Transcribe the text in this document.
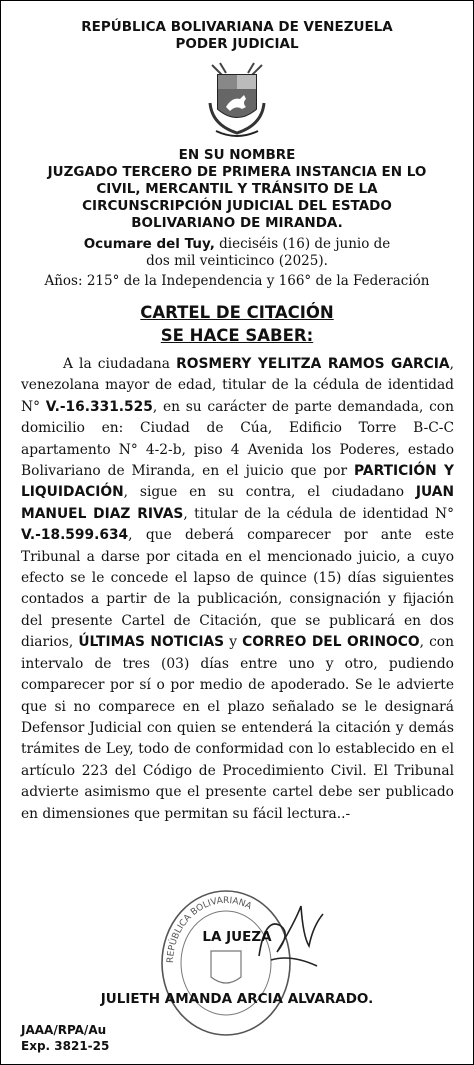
REPÚBLICA BOLIVARIANA DE VENEZUELA
PODER JUDICIAL
EN SU NOMBRE
JUZGADO TERCERO DE PRIMERA INSTANCIA EN LO
CIVIL, MERCANTIL Y TRÁNSITO DE LA
CIRCUNSCRIPCIÓN JUDICIAL DEL ESTADO
BOLIVARIANO DE MIRANDA.
Ocumare del Tuy, dieciséis (16) de junio de
dos mil veinticinco (2025).
Años: 215° de la Independencia y 166° de la Federación
CARTEL DE CITACIÓN
SE HACE SABER:

A la ciudadana ROSMERY YELITZA RAMOS GARCIA, venezolana mayor de edad, titular de la cédula de identidad N° V.-16.331.525, en su carácter de parte demandada, con domicilio en: Ciudad de Cúa, Edificio Torre B-C-C apartamento N° 4-2-b, piso 4 Avenida los Poderes, estado Bolivariano de Miranda, en el juicio que por PARTICIÓN Y LIQUIDACIÓN, sigue en su contra, el ciudadano JUAN MANUEL DIAZ RIVAS, titular de la cédula de identidad N° V.-18.599.634, que deberá comparecer por ante este Tribunal a darse por citada en el mencionado juicio, a cuyo efecto se le concede el lapso de quince (15) días siguientes contados a partir de la publicación, consignación y fijación del presente Cartel de Citación, que se publicará en dos diarios, ÚLTIMAS NOTICIAS y CORREO DEL ORINOCO, con intervalo de tres (03) días entre uno y otro, pudiendo comparecer por sí o por medio de apoderado. Se le advierte que si no comparece en el plazo señalado se le designará Defensor Judicial con quien se entenderá la citación y demás trámites de Ley, todo de conformidad con lo establecido en el artículo 223 del Código de Procedimiento Civil. El Tribunal advierte asimismo que el presente cartel debe ser publicado en dimensiones que permitan su fácil lectura..-

REPÚBLICA BOLIVARIANA
LA JUEZA
JULIETH AMANDA ARCIA ALVARADO.
JAAA/RPA/Au
Exp. 3821-25
